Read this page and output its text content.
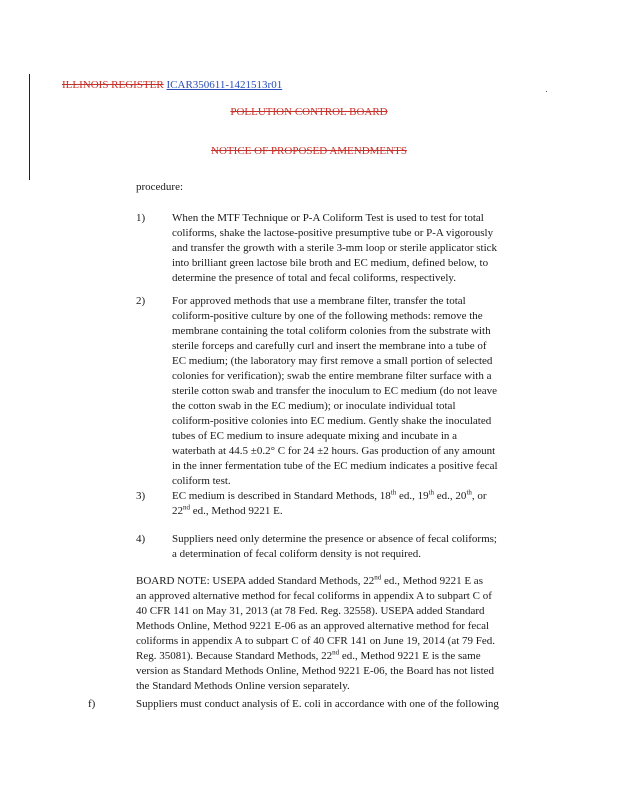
ILLINOIS REGISTER ICAR350611-1421513r01
POLLUTION CONTROL BOARD
NOTICE OF PROPOSED AMENDMENTS
procedure:
1)	When the MTF Technique or P-A Coliform Test is used to test for total
coliforms, shake the lactose-positive presumptive tube or P-A vigorously
and transfer the growth with a sterile 3-mm loop or sterile applicator stick
into brilliant green lactose bile broth and EC medium, defined below, to
determine the presence of total and fecal coliforms, respectively.
2)	For approved methods that use a membrane filter, transfer the total
coliform-positive culture by one of the following methods: remove the
membrane containing the total coliform colonies from the substrate with
sterile forceps and carefully curl and insert the membrane into a tube of
EC medium; (the laboratory may first remove a small portion of selected
colonies for verification); swab the entire membrane filter surface with a
sterile cotton swab and transfer the inoculum to EC medium (do not leave
the cotton swab in the EC medium); or inoculate individual total
coliform-positive colonies into EC medium. Gently shake the inoculated
tubes of EC medium to insure adequate mixing and incubate in a
waterbath at 44.5 ±0.2° C for 24 ±2 hours. Gas production of any amount
in the inner fermentation tube of the EC medium indicates a positive fecal
coliform test.
3)	EC medium is described in Standard Methods, 18th ed., 19th ed., 20th, or
22nd ed., Method 9221 E.
4)	Suppliers need only determine the presence or absence of fecal coliforms;
a determination of fecal coliform density is not required.
BOARD NOTE: USEPA added Standard Methods, 22nd ed., Method 9221 E as
an approved alternative method for fecal coliforms in appendix A to subpart C of
40 CFR 141 on May 31, 2013 (at 78 Fed. Reg. 32558). USEPA added Standard
Methods Online, Method 9221 E-06 as an approved alternative method for fecal
coliforms in appendix A to subpart C of 40 CFR 141 on June 19, 2014 (at 79 Fed.
Reg. 35081). Because Standard Methods, 22nd ed., Method 9221 E is the same
version as Standard Methods Online, Method 9221 E-06, the Board has not listed
the Standard Methods Online version separately.
f)	Suppliers must conduct analysis of E. coli in accordance with one of the following
